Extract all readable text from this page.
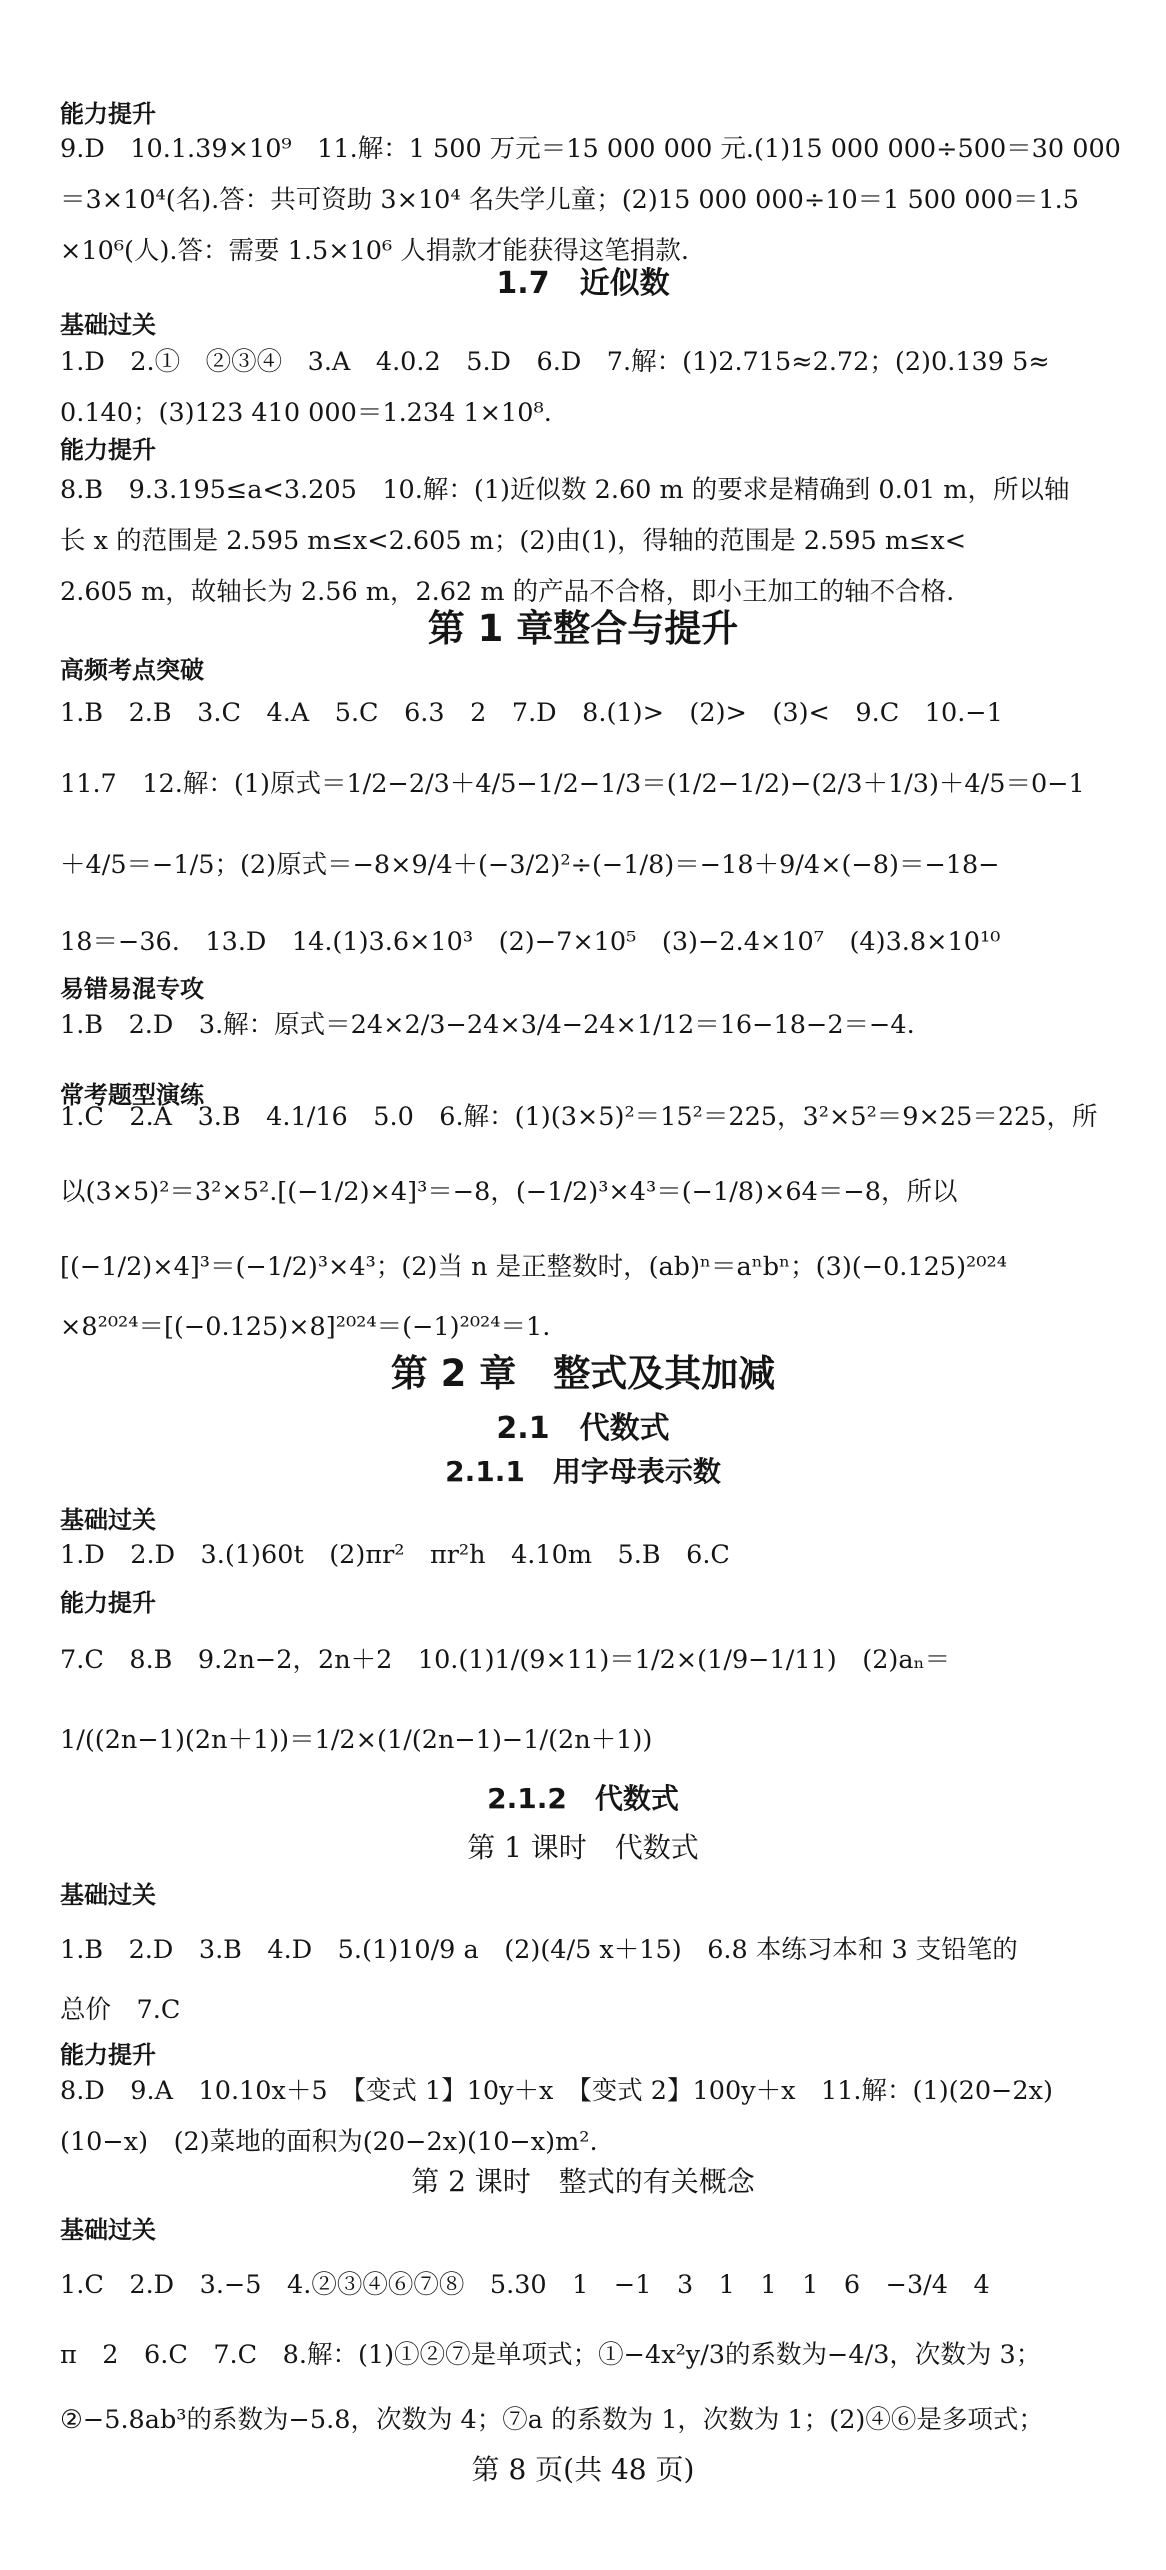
能力提升
9.D　10.1.39×10⁹　11.解：1 500 万元＝15 000 000 元.(1)15 000 000÷500＝30 000
＝3×10⁴(名).答：共可资助 3×10⁴ 名失学儿童；(2)15 000 000÷10＝1 500 000＝1.5
×10⁶(人).答：需要 1.5×10⁶ 人捐款才能获得这笔捐款.
1.7　近似数
基础过关
1.D　2.①　②③④　3.A　4.0.2　5.D　6.D　7.解：(1)2.715≈2.72；(2)0.139 5≈
0.140；(3)123 410 000＝1.234 1×10⁸.
能力提升
8.B　9.3.195≤a<3.205　10.解：(1)近似数 2.60 m 的要求是精确到 0.01 m，所以轴
长 x 的范围是 2.595 m≤x<2.605 m；(2)由(1)，得轴的范围是 2.595 m≤x<
2.605 m，故轴长为 2.56 m，2.62 m 的产品不合格，即小王加工的轴不合格.
第 1 章整合与提升
高频考点突破
1.B　2.B　3.C　4.A　5.C　6.3　2　7.D　8.(1)>　(2)>　(3)<　9.C　10.−1
11.7　12.解：(1)原式＝1/2−2/3＋4/5−1/2−1/3＝(1/2−1/2)−(2/3＋1/3)＋4/5＝0−1
＋4/5＝−1/5；(2)原式＝−8×9/4＋(−3/2)²÷(−1/8)＝−18＋9/4×(−8)＝−18−
18＝−36.　13.D　14.(1)3.6×10³　(2)−7×10⁵　(3)−2.4×10⁷　(4)3.8×10¹⁰
易错易混专攻
1.B　2.D　3.解：原式＝24×2/3−24×3/4−24×1/12＝16−18−2＝−4.
常考题型演练
1.C　2.A　3.B　4.1/16　5.0　6.解：(1)(3×5)²＝15²＝225，3²×5²＝9×25＝225，所
以(3×5)²＝3²×5².[(−1/2)×4]³＝−8，(−1/2)³×4³＝(−1/8)×64＝−8，所以
[(−1/2)×4]³＝(−1/2)³×4³；(2)当 n 是正整数时，(ab)ⁿ＝aⁿbⁿ；(3)(−0.125)²⁰²⁴
×8²⁰²⁴＝[(−0.125)×8]²⁰²⁴＝(−1)²⁰²⁴＝1.
第 2 章　整式及其加减
2.1　代数式
2.1.1　用字母表示数
基础过关
1.D　2.D　3.(1)60t　(2)πr²　πr²h　4.10m　5.B　6.C
能力提升
7.C　8.B　9.2n−2，2n＋2　10.(1)1/(9×11)＝1/2×(1/9−1/11)　(2)aₙ＝
1/((2n−1)(2n＋1))＝1/2×(1/(2n−1)−1/(2n＋1))
2.1.2　代数式
第 1 课时　代数式
基础过关
1.B　2.D　3.B　4.D　5.(1)10/9 a　(2)(4/5 x＋15)　6.8 本练习本和 3 支铅笔的
总价　7.C
能力提升
8.D　9.A　10.10x＋5　【变式 1】10y＋x　【变式 2】100y＋x　11.解：(1)(20−2x)
(10−x)　(2)菜地的面积为(20−2x)(10−x)m².
第 2 课时　整式的有关概念
基础过关
1.C　2.D　3.−5　4.②③④⑥⑦⑧　5.30　1　−1　3　1　1　1　6　−3/4　4
π　2　6.C　7.C　8.解：(1)①②⑦是单项式；①−4x²y/3的系数为−4/3，次数为 3；
②−5.8ab³的系数为−5.8，次数为 4；⑦a 的系数为 1，次数为 1；(2)④⑥是多项式；
第 8 页(共 48 页)
